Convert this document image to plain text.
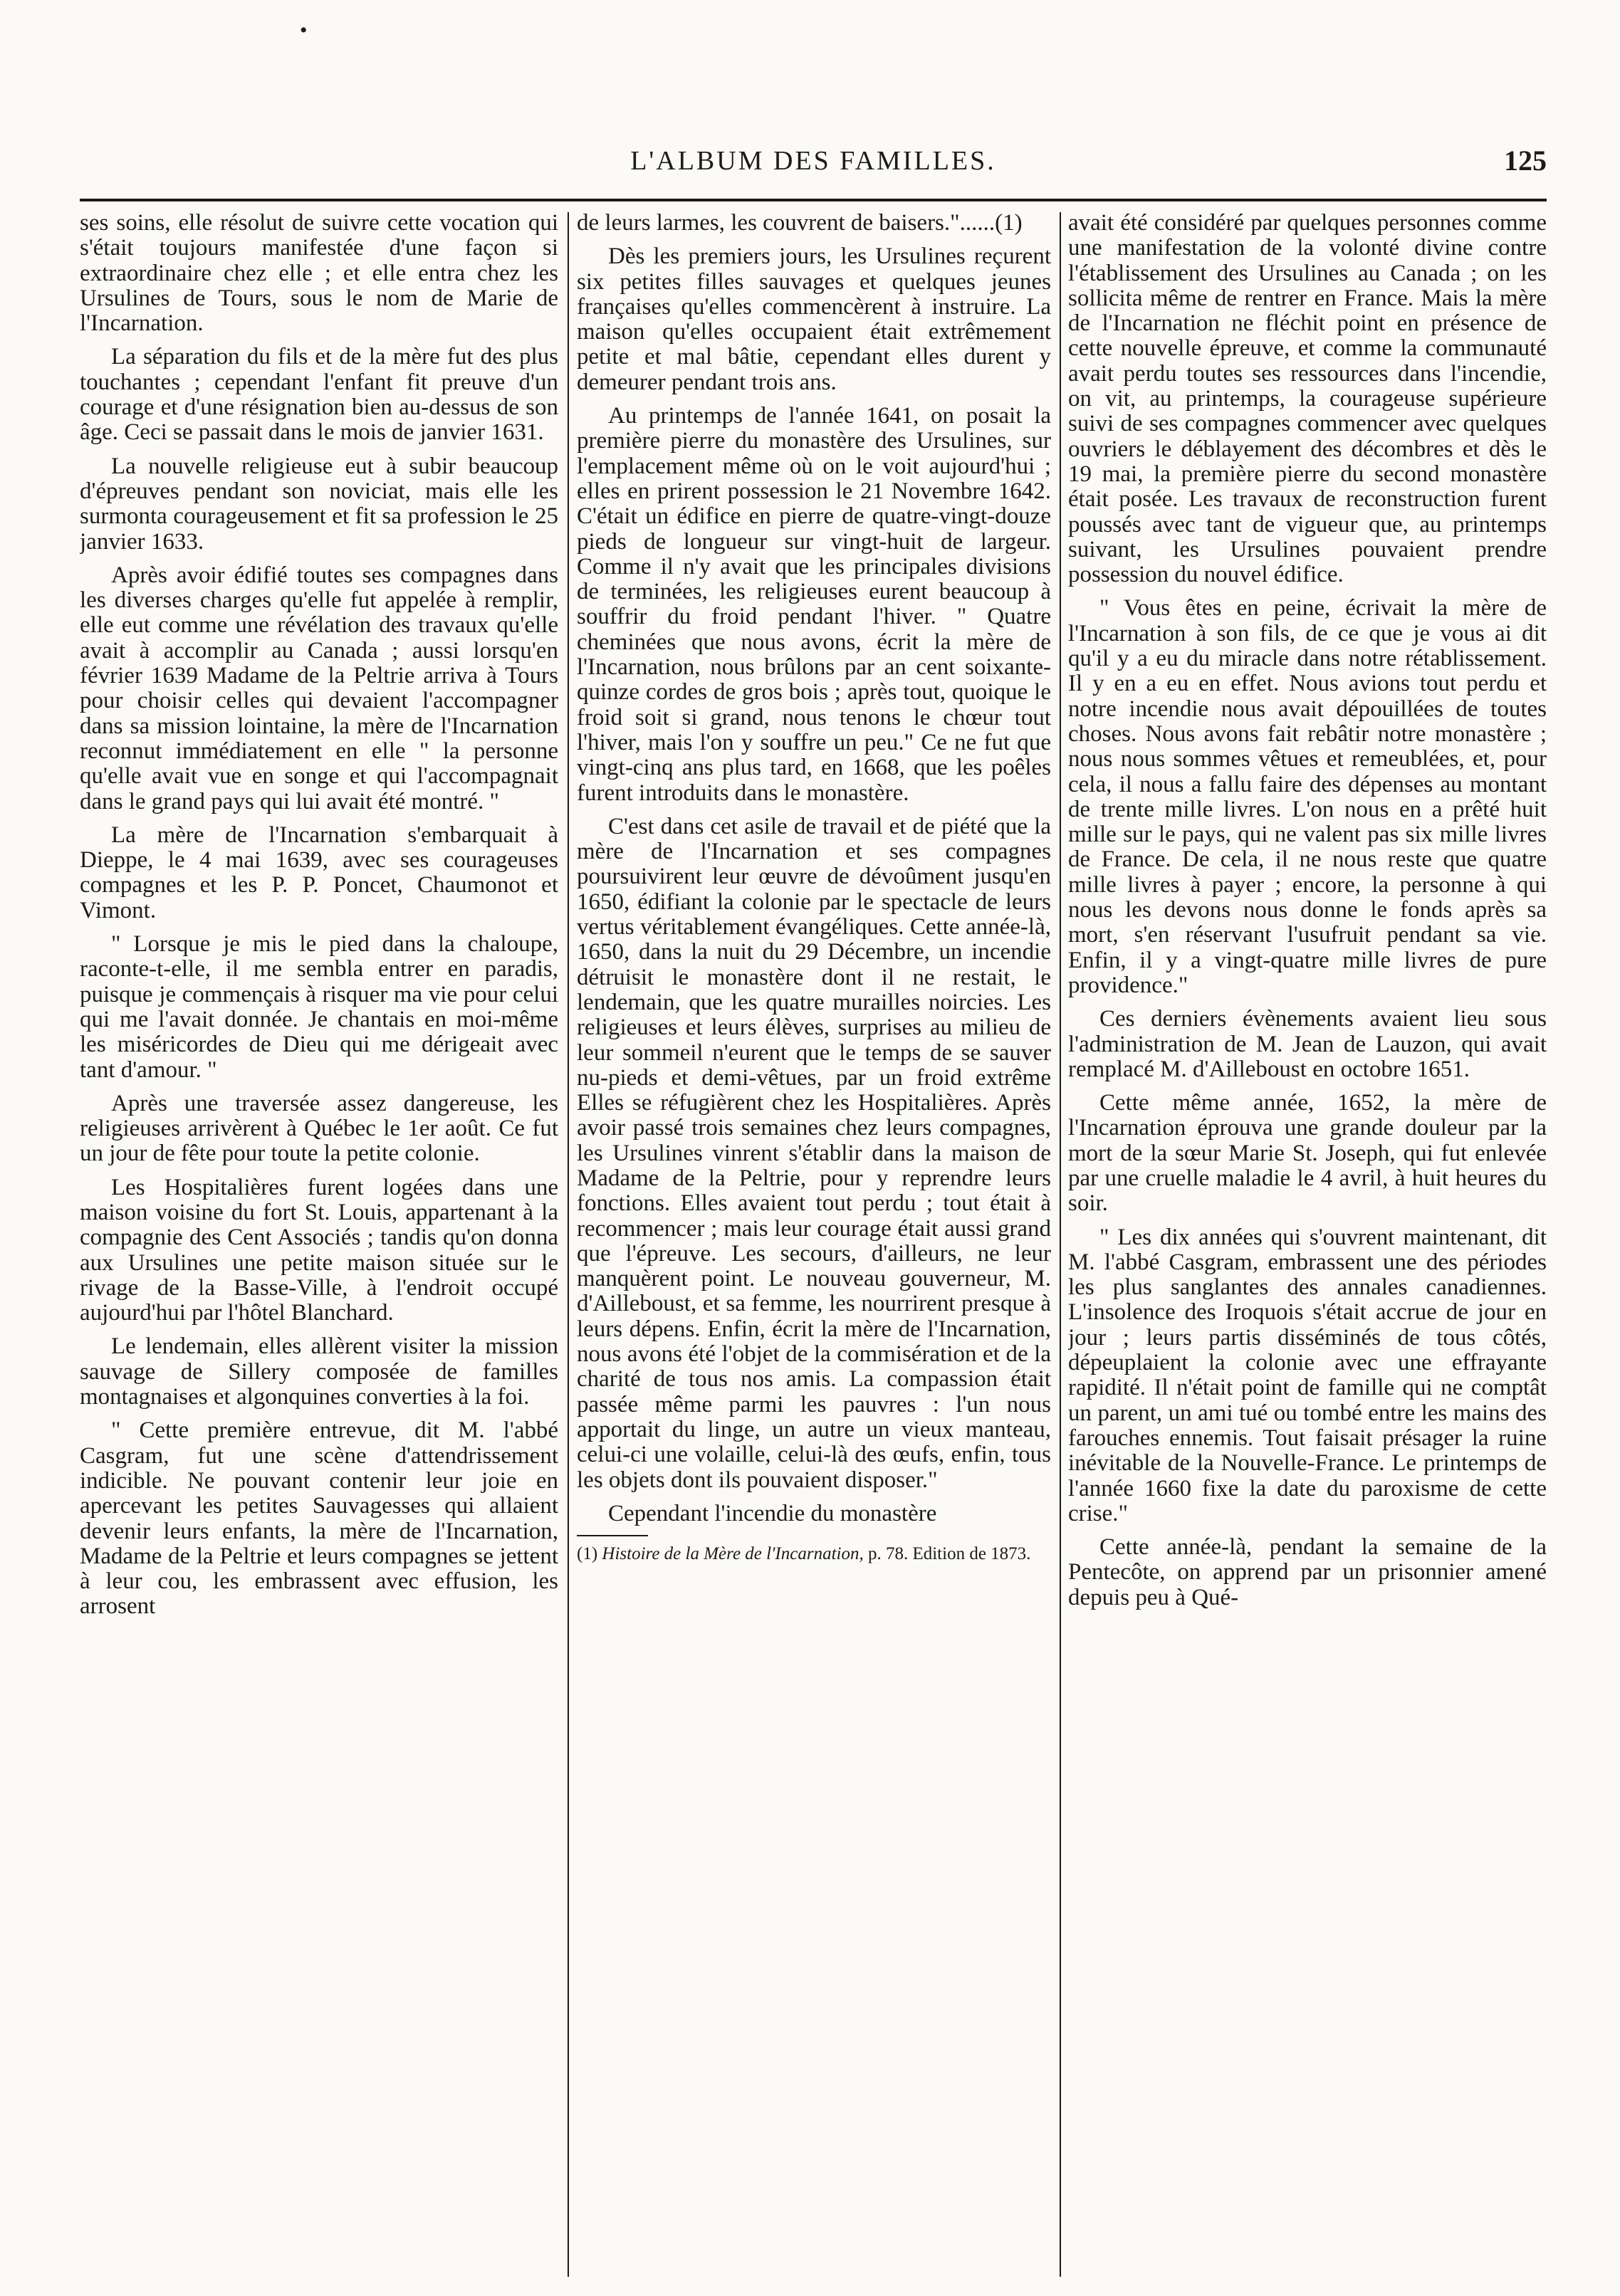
•
L'ALBUM DES FAMILLES.	125

ses soins, elle résolut de suivre cette vocation qui s'était toujours manifestée d'une façon si extraordinaire chez elle ; et elle entra chez les Ursulines de Tours, sous le nom de Marie de l'Incarnation.

La séparation du fils et de la mère fut des plus touchantes ; cependant l'enfant fit preuve d'un courage et d'une résignation bien au-dessus de son âge. Ceci se passait dans le mois de janvier 1631.

La nouvelle religieuse eut à subir beaucoup d'épreuves pendant son noviciat, mais elle les surmonta courageusement et fit sa profession le 25 janvier 1633.

Après avoir édifié toutes ses compagnes dans les diverses charges qu'elle fut appelée à remplir, elle eut comme une révélation des travaux qu'elle avait à accomplir au Canada ; aussi lorsqu'en février 1639 Madame de la Peltrie arriva à Tours pour choisir celles qui devaient l'accompagner dans sa mission lointaine, la mère de l'Incarnation reconnut immédiatement en elle " la personne qu'elle avait vue en songe et qui l'accompagnait dans le grand pays qui lui avait été montré. "

La mère de l'Incarnation s'embarquait à Dieppe, le 4 mai 1639, avec ses courageuses compagnes et les P. P. Poncet, Chaumonot et Vimont.

" Lorsque je mis le pied dans la chaloupe, raconte-t-elle, il me sembla entrer en paradis, puisque je commençais à risquer ma vie pour celui qui me l'avait donnée. Je chantais en moi-même les miséricordes de Dieu qui me dérigeait avec tant d'amour. "

Après une traversée assez dangereuse, les religieuses arrivèrent à Québec le 1er août. Ce fut un jour de fête pour toute la petite colonie.

Les Hospitalières furent logées dans une maison voisine du fort St. Louis, appartenant à la compagnie des Cent Associés ; tandis qu'on donna aux Ursulines une petite maison située sur le rivage de la Basse-Ville, à l'endroit occupé aujourd'hui par l'hôtel Blanchard.

Le lendemain, elles allèrent visiter la mission sauvage de Sillery composée de familles montagnaises et algonquines converties à la foi.

" Cette première entrevue, dit M. l'abbé Casgram, fut une scène d'attendrissement indicible. Ne pouvant contenir leur joie en apercevant les petites Sauvagesses qui allaient devenir leurs enfants, la mère de l'Incarnation, Madame de la Peltrie et leurs compagnes se jettent à leur cou, les embrassent avec effusion, les arrosent

de leurs larmes, les couvrent de baisers."......(1)

Dès les premiers jours, les Ursulines reçurent six petites filles sauvages et quelques jeunes françaises qu'elles commencèrent à instruire. La maison qu'elles occupaient était extrêmement petite et mal bâtie, cependant elles durent y demeurer pendant trois ans.

Au printemps de l'année 1641, on posait la première pierre du monastère des Ursulines, sur l'emplacement même où on le voit aujourd'hui ; elles en prirent possession le 21 Novembre 1642. C'était un édifice en pierre de quatre-vingt-douze pieds de longueur sur vingt-huit de largeur. Comme il n'y avait que les principales divisions de terminées, les religieuses eurent beaucoup à souffrir du froid pendant l'hiver. " Quatre cheminées que nous avons, écrit la mère de l'Incarnation, nous brûlons par an cent soixante-quinze cordes de gros bois ; après tout, quoique le froid soit si grand, nous tenons le chœur tout l'hiver, mais l'on y souffre un peu." Ce ne fut que vingt-cinq ans plus tard, en 1668, que les poêles furent introduits dans le monastère.

C'est dans cet asile de travail et de piété que la mère de l'Incarnation et ses compagnes poursuivirent leur œuvre de dévoûment jusqu'en 1650, édifiant la colonie par le spectacle de leurs vertus véritablement évangéliques. Cette année-là, 1650, dans la nuit du 29 Décembre, un incendie détruisit le monastère dont il ne restait, le lendemain, que les quatre murailles noircies. Les religieuses et leurs élèves, surprises au milieu de leur sommeil n'eurent que le temps de se sauver nu-pieds et demi-vêtues, par un froid extrême Elles se réfugièrent chez les Hospitalières. Après avoir passé trois semaines chez leurs compagnes, les Ursulines vinrent s'établir dans la maison de Madame de la Peltrie, pour y reprendre leurs fonctions. Elles avaient tout perdu ; tout était à recommencer ; mais leur courage était aussi grand que l'épreuve. Les secours, d'ailleurs, ne leur manquèrent point. Le nouveau gouverneur, M. d'Ailleboust, et sa femme, les nourrirent presque à leurs dépens. Enfin, écrit la mère de l'Incarnation, nous avons été l'objet de la commisération et de la charité de tous nos amis. La compassion était passée même parmi les pauvres : l'un nous apportait du linge, un autre un vieux manteau, celui-ci une volaille, celui-là des œufs, enfin, tous les objets dont ils pouvaient disposer."

Cependant l'incendie du monastère

(1) Histoire de la Mère de l'Incarnation, p. 78. Edition de 1873.

avait été considéré par quelques personnes comme une manifestation de la volonté divine contre l'établissement des Ursulines au Canada ; on les sollicita même de rentrer en France. Mais la mère de l'Incarnation ne fléchit point en présence de cette nouvelle épreuve, et comme la communauté avait perdu toutes ses ressources dans l'incendie, on vit, au printemps, la courageuse supérieure suivi de ses compagnes commencer avec quelques ouvriers le déblayement des décombres et dès le 19 mai, la première pierre du second monastère était posée. Les travaux de reconstruction furent poussés avec tant de vigueur que, au printemps suivant, les Ursulines pouvaient prendre possession du nouvel édifice.

" Vous êtes en peine, écrivait la mère de l'Incarnation à son fils, de ce que je vous ai dit qu'il y a eu du miracle dans notre rétablissement. Il y en a eu en effet. Nous avions tout perdu et notre incendie nous avait dépouillées de toutes choses. Nous avons fait rebâtir notre monastère ; nous nous sommes vêtues et remeublées, et, pour cela, il nous a fallu faire des dépenses au montant de trente mille livres. L'on nous en a prêté huit mille sur le pays, qui ne valent pas six mille livres de France. De cela, il ne nous reste que quatre mille livres à payer ; encore, la personne à qui nous les devons nous donne le fonds après sa mort, s'en réservant l'usufruit pendant sa vie. Enfin, il y a vingt-quatre mille livres de pure providence."

Ces derniers évènements avaient lieu sous l'administration de M. Jean de Lauzon, qui avait remplacé M. d'Ailleboust en octobre 1651.

Cette même année, 1652, la mère de l'Incarnation éprouva une grande douleur par la mort de la sœur Marie St. Joseph, qui fut enlevée par une cruelle maladie le 4 avril, à huit heures du soir.

" Les dix années qui s'ouvrent maintenant, dit M. l'abbé Casgram, embrassent une des périodes les plus sanglantes des annales canadiennes. L'insolence des Iroquois s'était accrue de jour en jour ; leurs partis disséminés de tous côtés, dépeuplaient la colonie avec une effrayante rapidité. Il n'était point de famille qui ne comptât un parent, un ami tué ou tombé entre les mains des farouches ennemis. Tout faisait présager la ruine inévitable de la Nouvelle-France. Le printemps de l'année 1660 fixe la date du paroxisme de cette crise."

Cette année-là, pendant la semaine de la Pentecôte, on apprend par un prisonnier amené depuis peu à Qué-
